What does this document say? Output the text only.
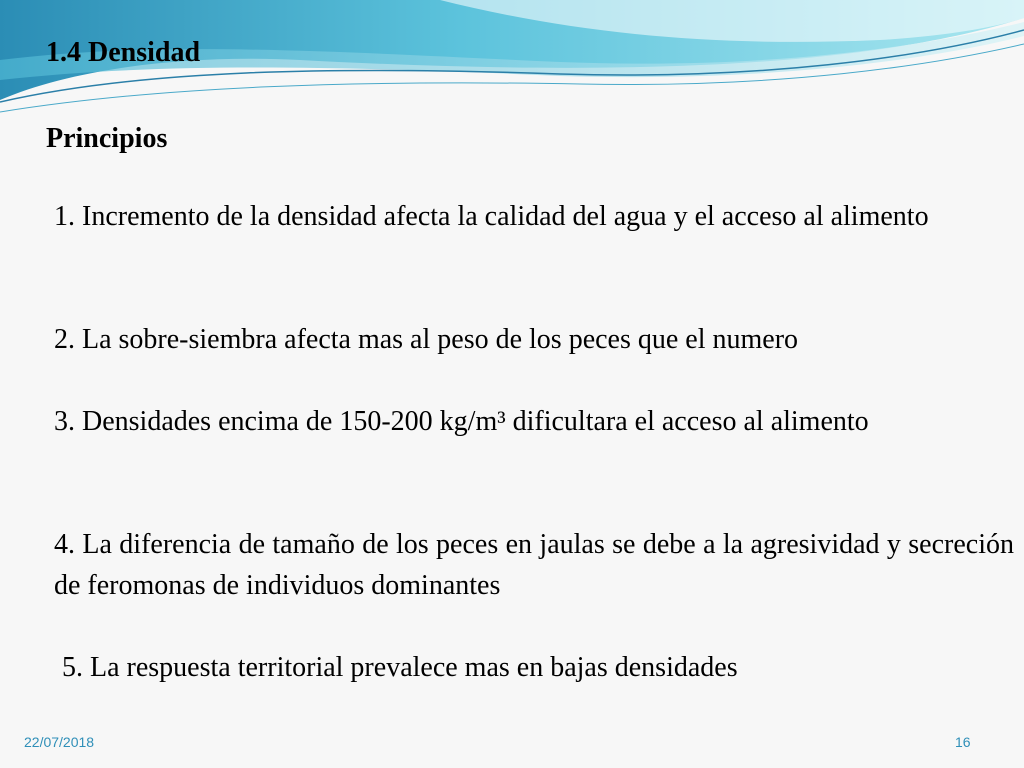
1.4 Densidad
Principios

1. Incremento de la densidad afecta la calidad del agua y el acceso al alimento

2. La sobre-siembra afecta mas al peso de los peces que el numero

3. Densidades encima de 150-200 kg/m³ dificultara el acceso al alimento

4. La diferencia de tamaño de los peces en jaulas se debe a la agresividad y secreción de feromonas de individuos dominantes

5. La respuesta territorial prevalece mas en bajas densidades

22/07/2018	16
